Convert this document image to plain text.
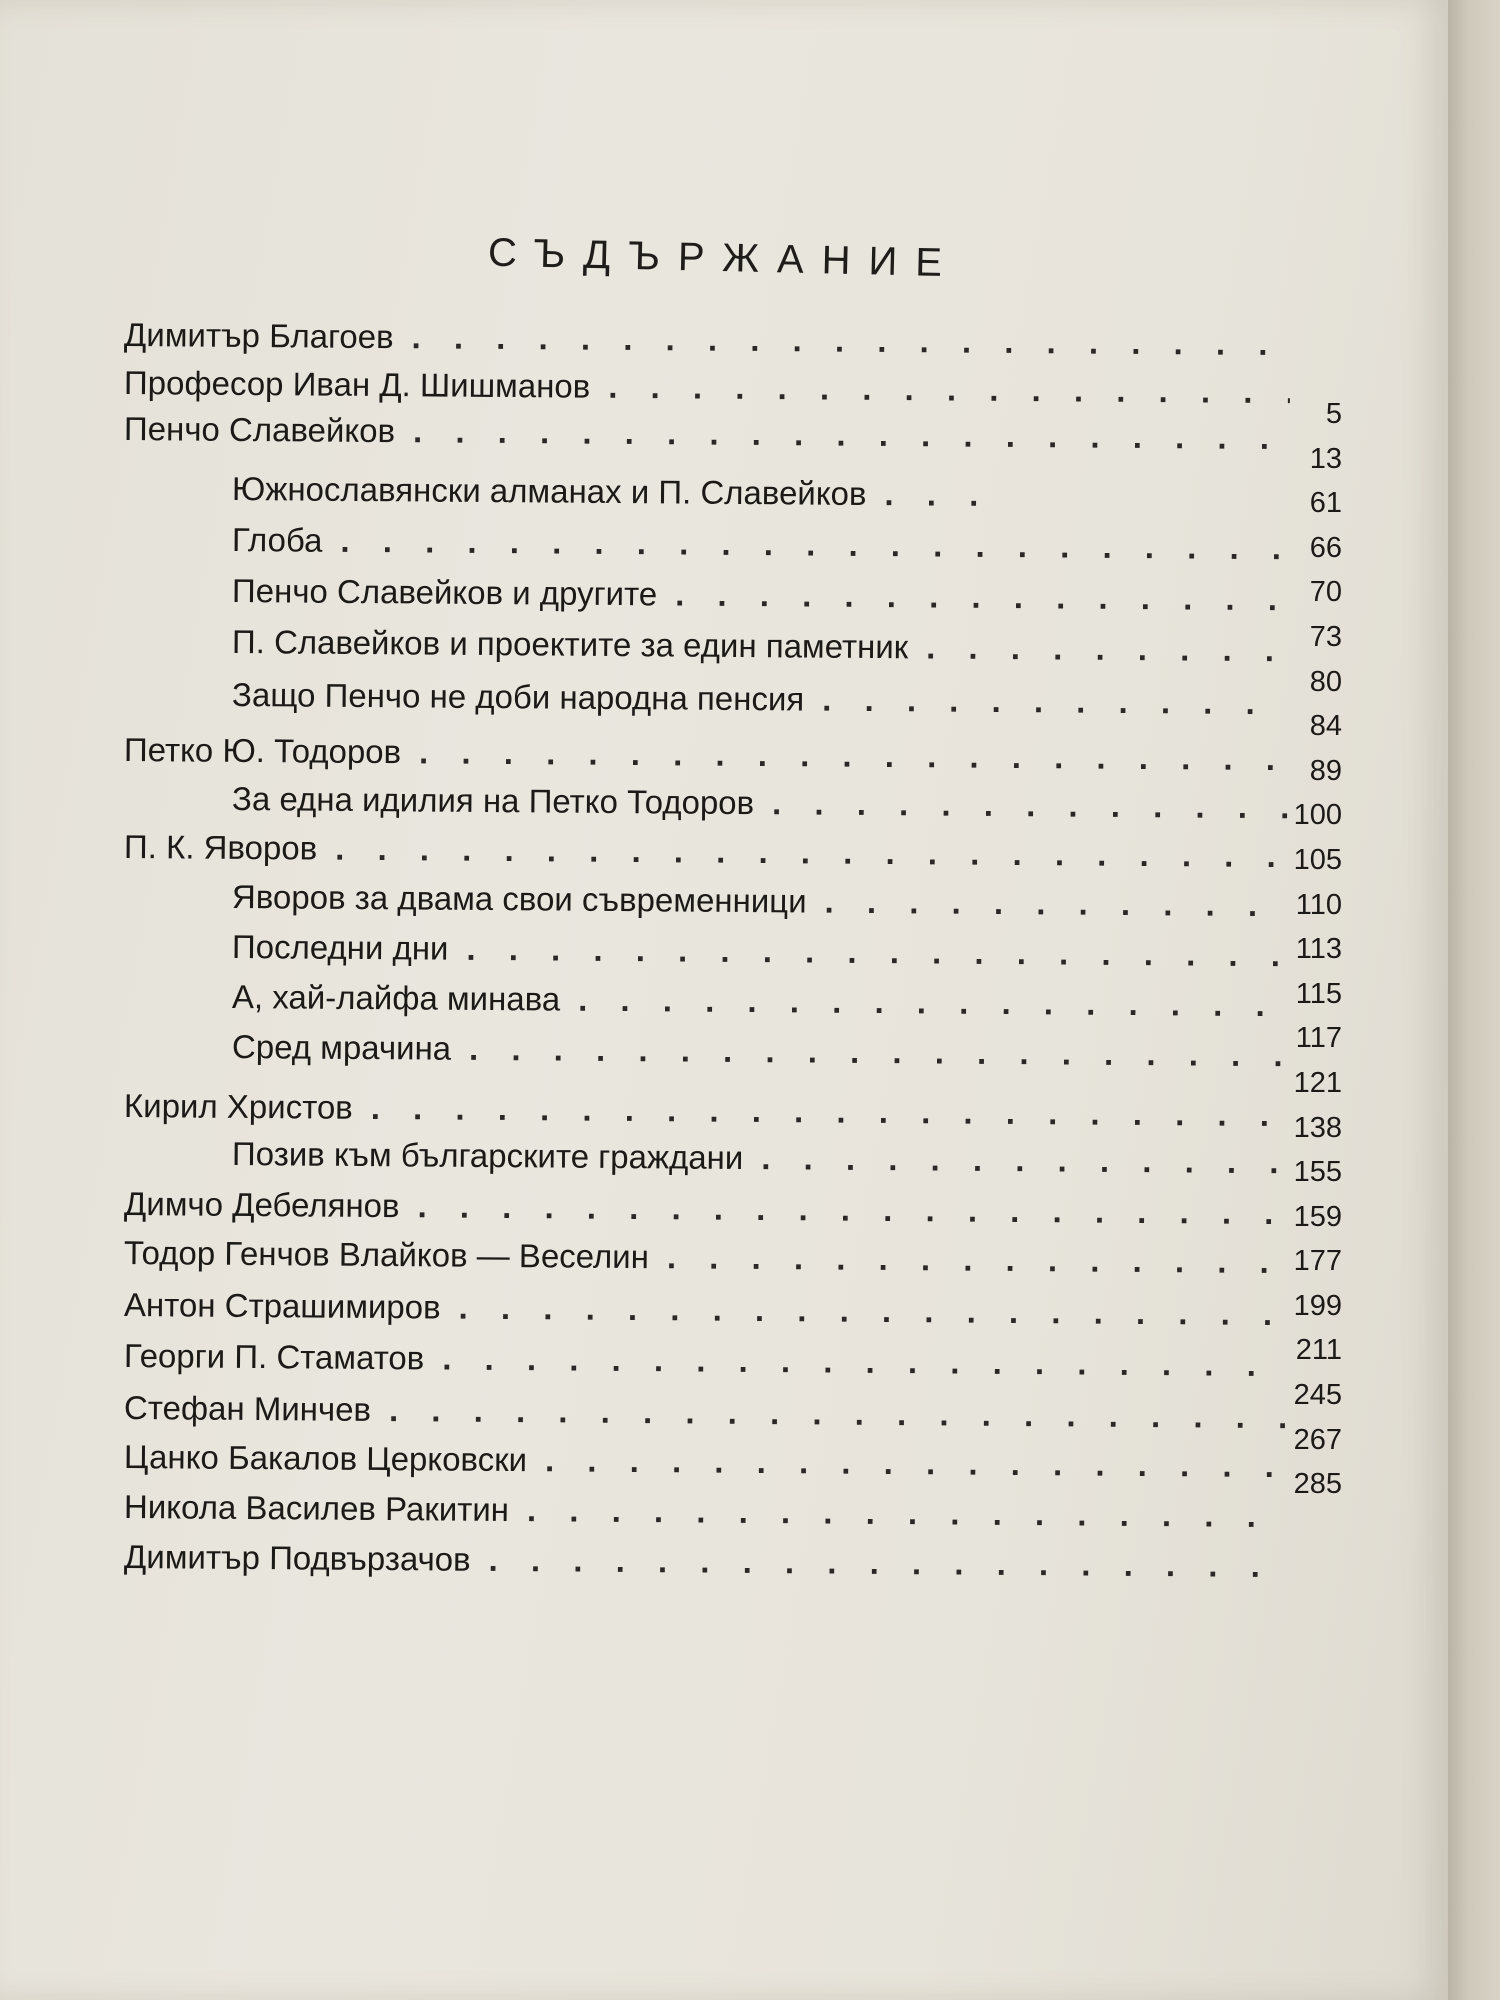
СЪДЪРЖАНИЕ
Димитър Благоев
. . .
Професор Иван Д. Шишманов
. . .
Пенчо Славейков
. . .
Южнославянски алманах и П. Славейков
. . .
Глоба
. . .
Пенчо Славейков и другите
. . .
П. Славейков и проектите за един паметник
. . .
Защо Пенчо не доби народна пенсия
. . .
Петко Ю. Тодоров
. . .
За една идилия на Петко Тодоров
. . .
П. К. Яворов
. . .
Яворов за двама свои съвременници
. . .
Последни дни
. . .
А, хай-лайфа минава
. . .
Сред мрачина
. . .
Кирил Христов
. . .
Позив към българските граждани
. . .
Димчо Дебелянов
. . .
Тодор Генчов Влайков — Веселин
. . .
Антон Страшимиров
. . .
Георги П. Стаматов
. . .
Стефан Минчев
. . .
Цанко Бакалов Церковски
. . .
Никола Василев Ракитин
. . .
Димитър Подвързачов
. . .
5
13
61
66
70
73
80
84
89
100
105
110
113
115
117
121
138
155
159
177
199
211
245
267
285
